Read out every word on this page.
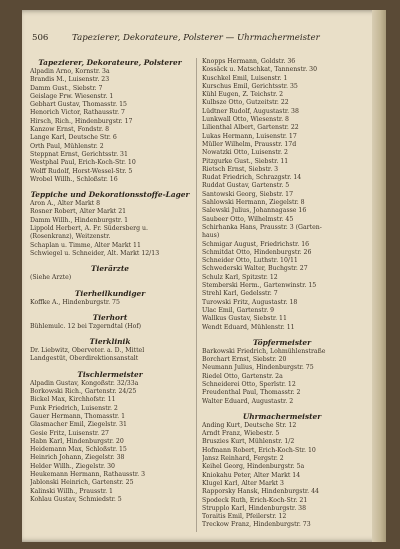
506	Tapezierer, Dekorateure, Polsterer — Uhrmachermeister
Tapezierer, Dekorateure, Polsterer
Alpadin Arno, Kornstr. 3a
Brandis M., Luisenstr. 23
Damm Gust., Siebstr. 7
Geislage Frw. Wiesenstr. 1
Gebhart Gustav, Thomasstr. 15
Henorich Victor, Rathausstr. 7
Hirsch, Rich., Hindenburgstr. 17
Kanzow Ernst, Fondstr. 8
Lange Karl, Deutsche Str. 6
Orth Paul, Mühlenstr. 2
Steppnat Ernst, Gerichtsstr. 31
Westphal Paul, Erich-Koch-Str. 10
Wolff Rudolf, Horst-Wessel-Str. 5
Wrobel Willh., Schloßstr. 16
Teppiche und Dekorationsstoffe-Lager
Aron A., Alter Markt 8
Rosner Robert, Alter Markt 21
Damm Willh., Hindenburgstr. 1
Lippold Herbert, A. Fr. Südersberg u.
(Rosenkranz), Weitzenstr.
Schaplan u. Timme, Alter Markt 11
Schwiegel u. Schneider, Alt. Markt 12/13
Tierärzte
(Siehe Ärzte)
Tierheilkundiger
Koffke A., Hindenburgstr. 75
Tierhort
Bühlemulc. 12 bei Tzgerndtal (Hof)
Tierklinik
Dr. Liebwitz, Oberveter. a. D., Mittel
Landgestüt, Oberdirektionsanstalt
Tischlermeister
Alpadin Gustav, Kongoßstr. 32/33a
Borkowski Rich., Gartenstr. 24/25
Bickel Max, Kirchhofstr. 11
Funk Friedrich, Luisenstr. 2
Gauer Hermann, Thomasstr. 1
Glasmacher Emil, Ziegelstr. 31
Gesie Fritz, Luisenstr. 27
Habn Karl, Hindenburgstr. 20
Heidemann Max, Schloßstr. 15
Heinrich Johann, Ziegelstr. 38
Helder Willh., Ziegelstr. 30
Heukemann Hermann, Rathausstr. 3
Jablonski Heinrich, Gartenstr. 25
Kalinski Willh., Prausstr. 1
Kohlau Gustav, Schmiedstr. 5
Knopps Hermann, Goldstr. 36
Kossäck u. Matschkat, Tannenstr. 30
Kuschkel Emil, Luisenstr. 1
Kurschus Emil, Gerichtsstr. 35
Kühl Eugen, Z. Teichstr. 2
Kulbsze Otto, Gutzeitstr. 22
Lüdtner Rudolf, Augustastr. 38
Lunkwall Otto, Wiesenstr. 8
Lilienthal Albert, Gartenstr. 22
Lukas Hermann, Luisenstr. 17
Müller Wilhelm, Prausstr. 17d
Nowatzki Otto, Luisenstr. 2
Pitzgurke Gust., Siebstr. 11
Rietsch Ernst, Siebstr. 3
Rudat Friedrich, Schrazgstr. 14
Ruddat Gustav, Gartenstr. 5
Santowski Georg, Siebstr. 17
Sahlowski Hermann, Ziegelstr. 8
Salewski Julius, Johannagasse 16
Saubeer Otto, Wilhelmstr. 45
Schirhanka Hans, Prausstr. 3 (Garten-
haus)
Schmigar August, Friedrichstr. 16
Schmitdat Otto, Hindenburgstr. 26
Schneider Otto, Luthstr. 10/11
Schwederski Walter, Buchgstr. 27
Schulz Karl, Spitzstr. 12
Stemberski Herm., Gartenwinstr. 15
Strehl Karl, Gedelsstr. 7
Turowski Fritz, Augustastr. 18
Ulac Emil, Gartenstr. 9
Wallkus Gustav, Siebstr. 11
Wendt Eduard, Mühlenstr. 11
Töpfermeister
Barkowski Friedrich, Lohmühlenstraße
Borchart Ernst, Siebstr. 20
Neumann Julius, Hindenburgstr. 75
Riedel Otto, Gartenstr. 2a
Schneiderei Otto, Sperlstr. 12
Freudenthal Paul, Thomasstr. 2
Walter Eduard, Augustastr. 2
Uhrmachermeister
Anding Kurt, Deutsche Str. 12
Arndt Franz, Wiebestr. 5
Bruszies Kurt, Mühlenstr. 1/2
Hofmann Robert, Erich-Koch-Str. 10
Jansz Reinhard, Fergstr. 2
Keihel Georg, Hindenburgstr. 5a
Kniokahu Peter, Alter Markt 14
Klugel Karl, Alter Markt 3
Rapporsky Hansk, Hindenburgstr. 44
Spodeck Ruth, Erich-Koch-Str. 21
Strupplo Karl, Hindenburgstr. 38
Toraitis Emil, Pfeilerstr. 12
Treckow Franz, Hindenburgstr. 73
